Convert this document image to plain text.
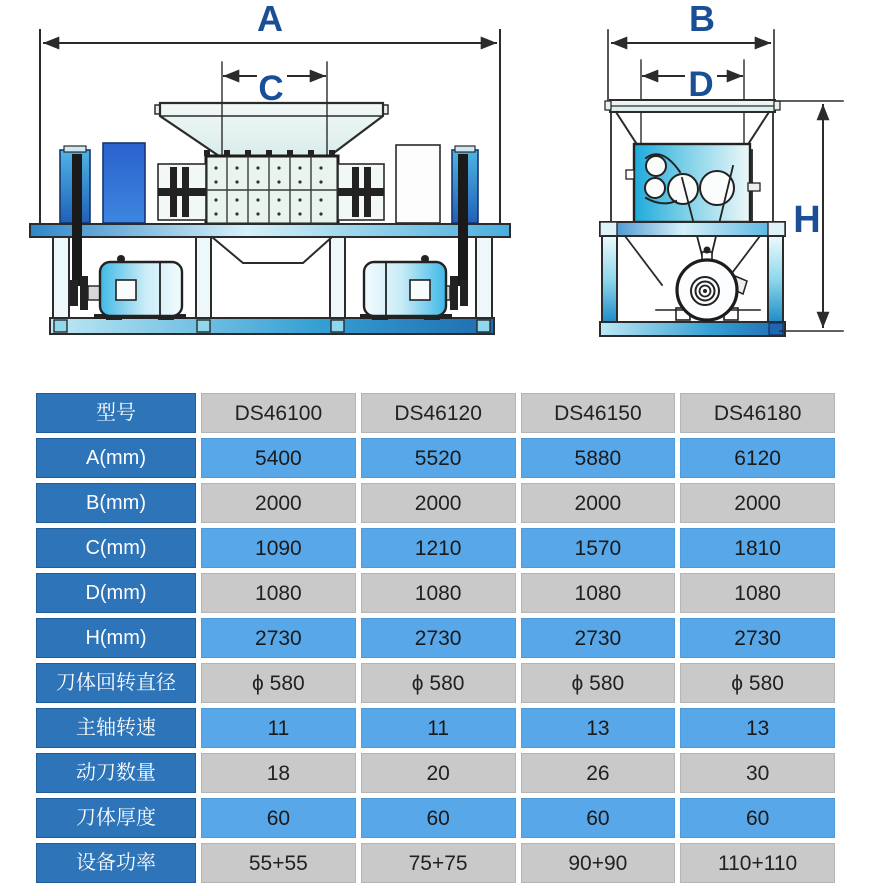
A
C
B
D
H
型号	DS46100	DS46120	DS46150	DS46180
A(mm)	5400	5520	5880	6120
B(mm)	2000	2000	2000	2000
C(mm)	1090	1210	1570	1810
D(mm)	1080	1080	1080	1080
H(mm)	2730	2730	2730	2730
刀体回转直径	ϕ 580	ϕ 580	ϕ 580	ϕ 580
主轴转速	11	11	13	13
动刀数量	18	20	26	30
刀体厚度	60	60	60	60
设备功率	55+55	75+75	90+90	110+110
